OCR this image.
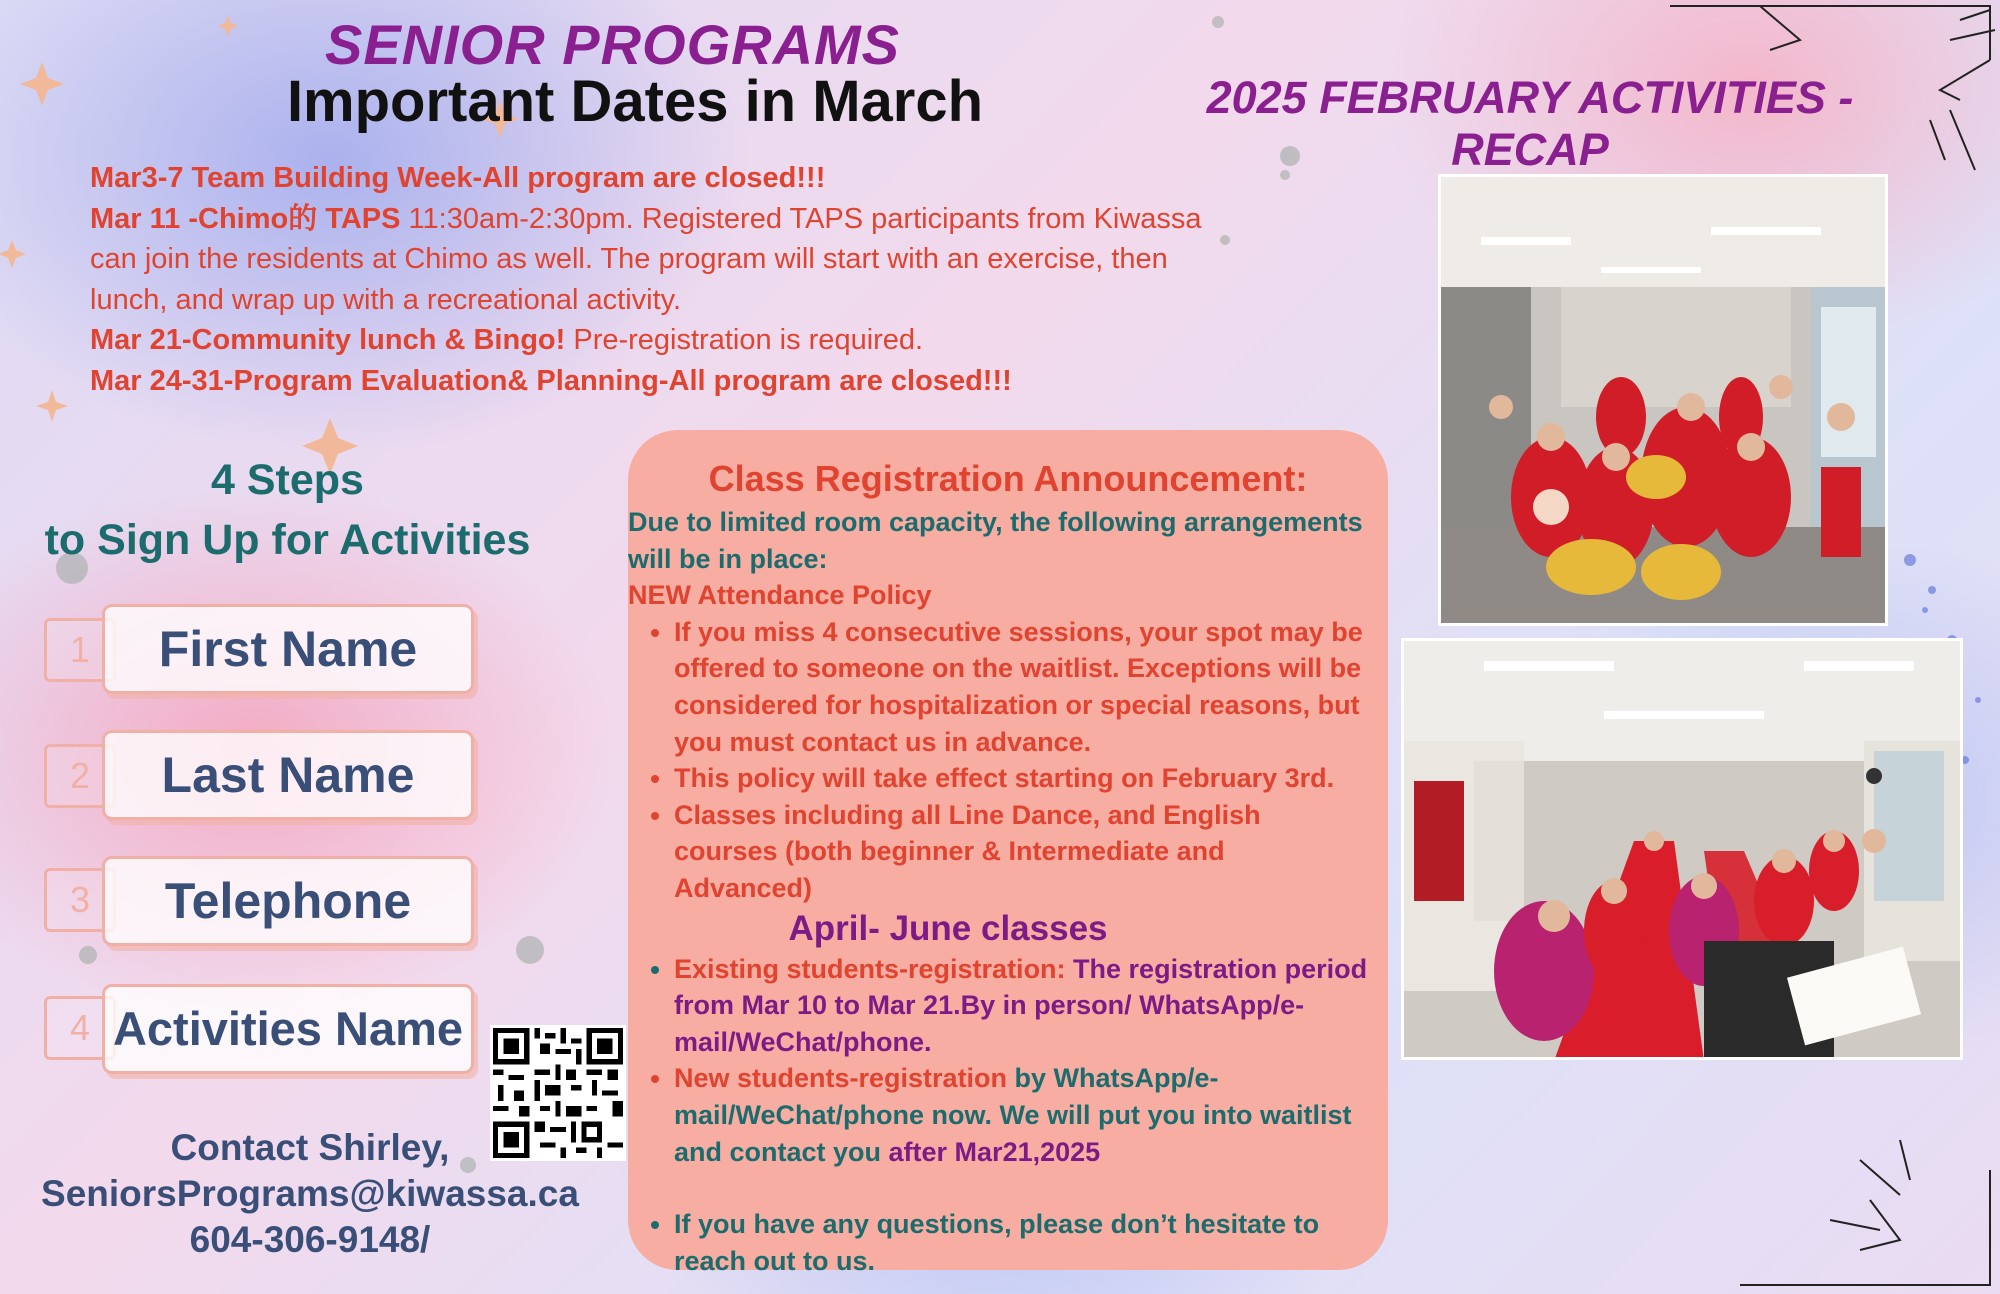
SENIOR PROGRAMS
Important Dates in March	2025 FEBRUARY ACTIVITIES - RECAP
Mar3-7 Team Building Week-All program are closed!!!
Mar 11 -Chimo的 TAPS 11:30am-2:30pm. Registered TAPS participants from Kiwassa can join the residents at Chimo as well. The program will start with an exercise, then lunch, and wrap up with a recreational activity.
Mar 21-Community lunch & Bingo! Pre-registration is required.
Mar 24-31-Program Evaluation& Planning-All program are closed!!!
4 Steps
to Sign Up for Activities
1	First Name
2	Last Name
3	Telephone
4 Activities Name
Contact Shirley,
SeniorsPrograms@kiwassa.ca
604-306-9148/
Class Registration Announcement:
Due to limited room capacity, the following arrangements will be in place:
NEW Attendance Policy
• If you miss 4 consecutive sessions, your spot may be offered to someone on the waitlist. Exceptions will be considered for hospitalization or special reasons, but you must contact us in advance.
• This policy will take effect starting on February 3rd.
• Classes including all Line Dance, and English courses (both beginner & Intermediate and Advanced)
April- June classes
• Existing students-registration: The registration period from Mar 10 to Mar 21.By in person/ WhatsApp/e-mail/WeChat/phone.
• New students-registration by WhatsApp/e-mail/WeChat/phone now. We will put you into waitlist and contact you after Mar21,2025
• If you have any questions, please don’t hesitate to reach out to us.
